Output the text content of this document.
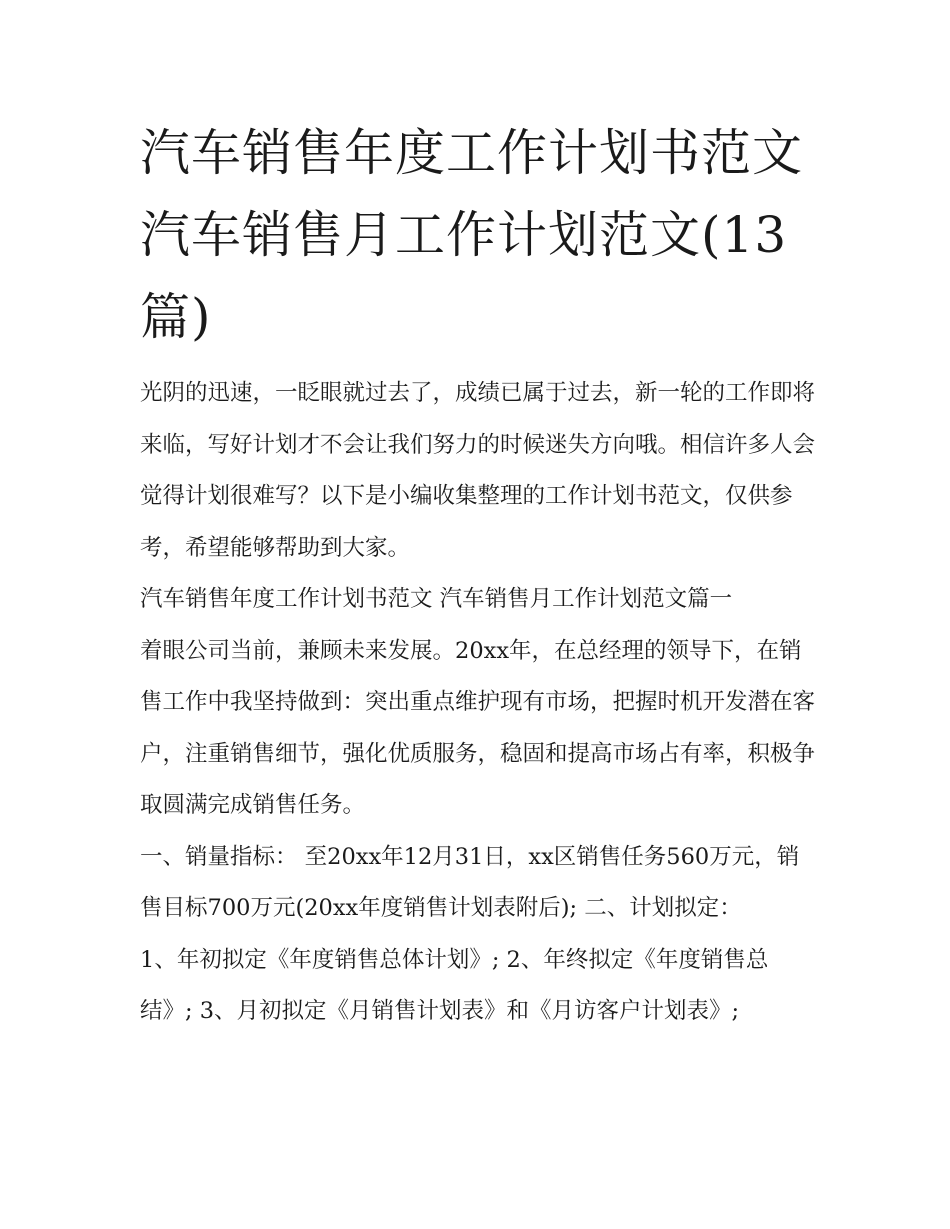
汽车销售年度工作计划书范文
汽车销售月工作计划范文(13
篇)

光阴的迅速，一眨眼就过去了，成绩已属于过去，新一轮的工作即将来临，写好计划才不会让我们努力的时候迷失方向哦。相信许多人会觉得计划很难写？以下是小编收集整理的工作计划书范文，仅供参考，希望能够帮助到大家。

汽车销售年度工作计划书范文 汽车销售月工作计划范文篇一

着眼公司当前，兼顾未来发展。20xx年，在总经理的领导下，在销售工作中我坚持做到：突出重点维护现有市场，把握时机开发潜在客户，注重销售细节，强化优质服务，稳固和提高市场占有率，积极争取圆满完成销售任务。

一、销量指标： 至20xx年12月31日，xx区销售任务560万元，销售目标700万元(20xx年度销售计划表附后); 二、计划拟定：

1、年初拟定《年度销售总体计划》; 2、年终拟定《年度销售总结》; 3、月初拟定《月销售计划表》和《月访客户计划表》;
